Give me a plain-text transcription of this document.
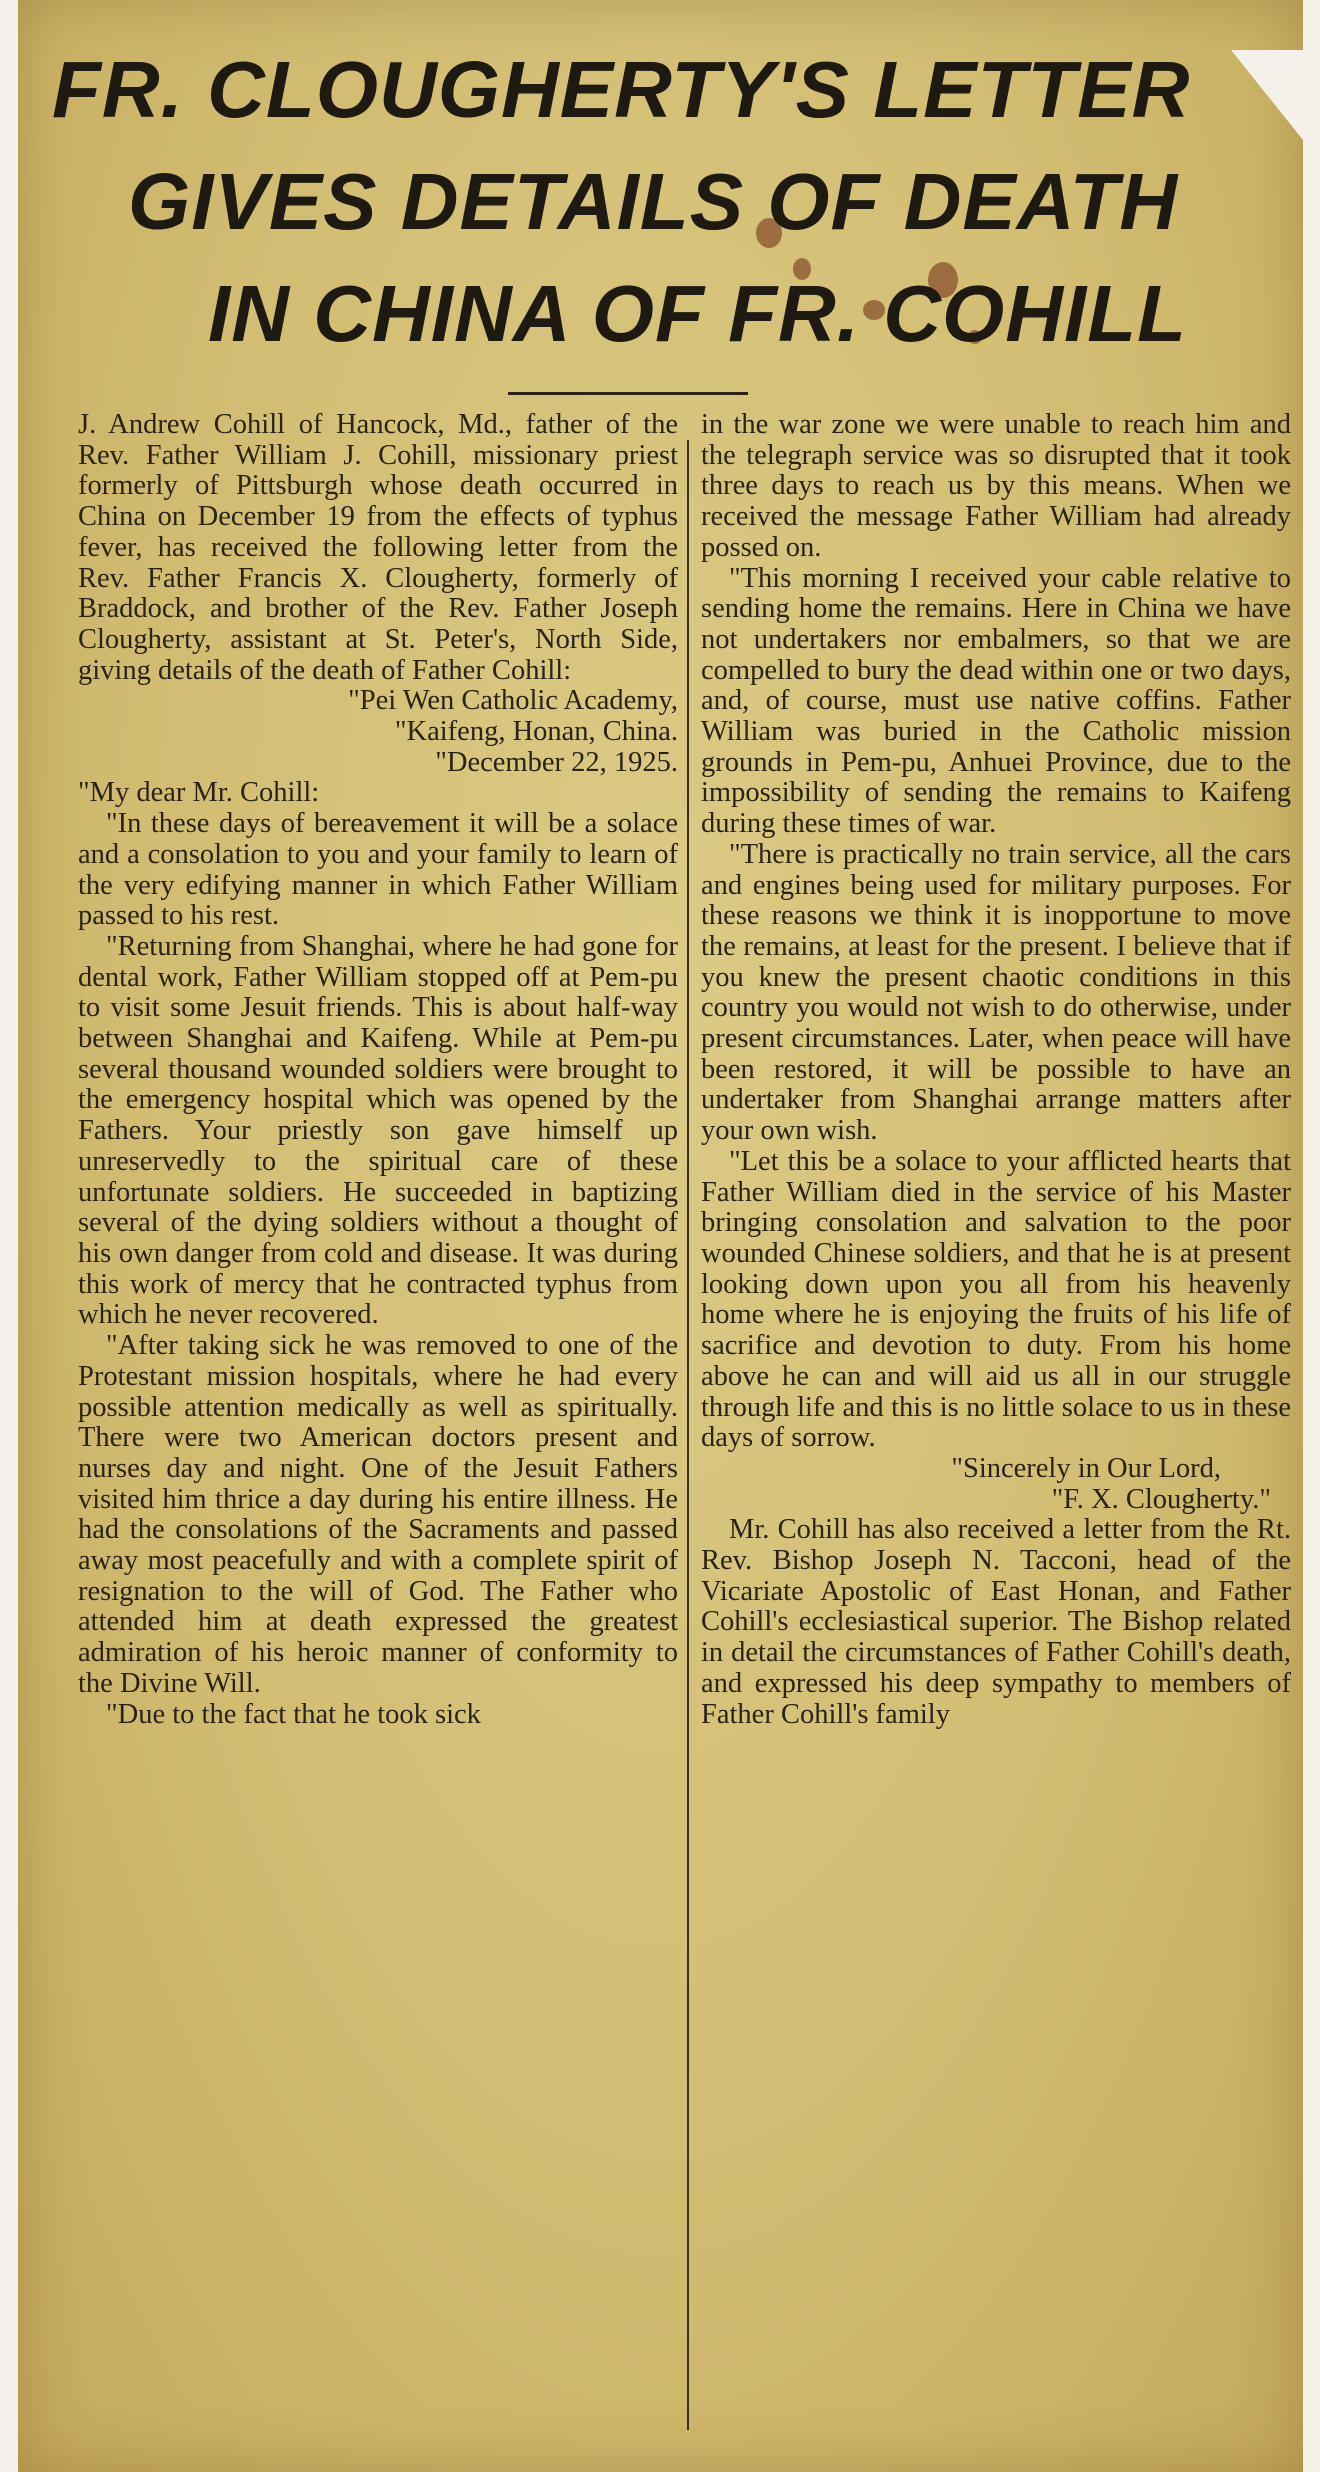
FR. CLOUGHERTY'S LETTER
GIVES DETAILS OF DEATH
IN CHINA OF FR. COHILL

J. Andrew Cohill of Hancock, Md., father of the Rev. Father William J. Cohill, missionary priest formerly of Pittsburgh whose death occurred in China on December 19 from the effects of typhus fever, has received the following letter from the Rev. Father Francis X. Clougherty, formerly of Braddock, and brother of the Rev. Father Joseph Clougherty, assistant at St. Peter's, North Side, giving details of the death of Father Cohill:

"Pei Wen Catholic Academy,

"Kaifeng, Honan, China.

"December 22, 1925.

"My dear Mr. Cohill:

"In these days of bereavement it will be a solace and a consolation to you and your family to learn of the very edifying manner in which Father William passed to his rest.

"Returning from Shanghai, where he had gone for dental work, Father William stopped off at Pem-pu to visit some Jesuit friends. This is about half-way between Shanghai and Kaifeng. While at Pem-pu several thousand wounded soldiers were brought to the emergency hospital which was opened by the Fathers. Your priestly son gave himself up unreservedly to the spiritual care of these unfortunate soldiers. He succeeded in baptizing several of the dying soldiers without a thought of his own danger from cold and disease. It was during this work of mercy that he contracted typhus from which he never recovered.

"After taking sick he was removed to one of the Protestant mission hospitals, where he had every possible attention medically as well as spiritually. There were two American doctors present and nurses day and night. One of the Jesuit Fathers visited him thrice a day during his entire illness. He had the consolations of the Sacraments and passed away most peacefully and with a complete spirit of resignation to the will of God. The Father who attended him at death expressed the greatest admiration of his heroic manner of conformity to the Divine Will.

"Due to the fact that he took sick

in the war zone we were unable to reach him and the telegraph service was so disrupted that it took three days to reach us by this means. When we received the message Father William had already possed on.

"This morning I received your cable relative to sending home the remains. Here in China we have not undertakers nor embalmers, so that we are compelled to bury the dead within one or two days, and, of course, must use native coffins. Father William was buried in the Catholic mission grounds in Pem-pu, Anhuei Province, due to the impossibility of sending the remains to Kaifeng during these times of war.

"There is practically no train service, all the cars and engines being used for military purposes. For these reasons we think it is inopportune to move the remains, at least for the present. I believe that if you knew the present chaotic conditions in this country you would not wish to do otherwise, under present circumstances. Later, when peace will have been restored, it will be possible to have an undertaker from Shanghai arrange matters after your own wish.

"Let this be a solace to your afflicted hearts that Father William died in the service of his Master bringing consolation and salvation to the poor wounded Chinese soldiers, and that he is at present looking down upon you all from his heavenly home where he is enjoying the fruits of his life of sacrifice and devotion to duty. From his home above he can and will aid us all in our struggle through life and this is no little solace to us in these days of sorrow.

"Sincerely in Our Lord,

"F. X. Clougherty."

Mr. Cohill has also received a letter from the Rt. Rev. Bishop Joseph N. Tacconi, head of the Vicariate Apostolic of East Honan, and Father Cohill's ecclesiastical superior. The Bishop related in detail the circumstances of Father Cohill's death, and expressed his deep sympathy to members of Father Cohill's family
